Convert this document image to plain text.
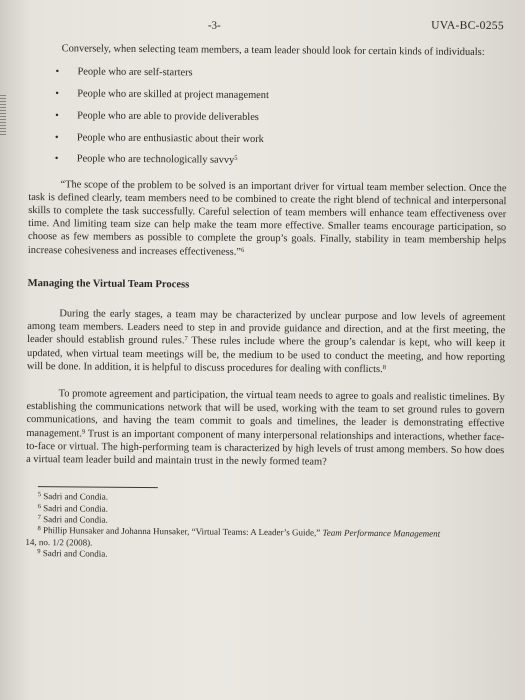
-3-	UVA-BC-0255

Conversely, when selecting team members, a team leader should look for certain kinds of individuals:

• People who are self-starters
• People who are skilled at project management
• People who are able to provide deliverables
• People who are enthusiastic about their work
• People who are technologically savvy$^5$

“The scope of the problem to be solved is an important driver for virtual team member selection. Once the task is defined clearly, team members need to be combined to create the right blend of technical and interpersonal skills to complete the task successfully. Careful selection of team members will enhance team effectiveness over time. And limiting team size can help make the team more effective. Smaller teams encourage participation, so choose as few members as possible to complete the group’s goals. Finally, stability in team membership helps increase cohesiveness and increases effectiveness.”$^6$

Managing the Virtual Team Process

During the early stages, a team may be characterized by unclear purpose and low levels of agreement among team members. Leaders need to step in and provide guidance and direction, and at the first meeting, the leader should establish ground rules.$^7$ These rules include where the group’s calendar is kept, who will keep it updated, when virtual team meetings will be, the medium to be used to conduct the meeting, and how reporting will be done. In addition, it is helpful to discuss procedures for dealing with conflicts.$^8$

To promote agreement and participation, the virtual team needs to agree to goals and realistic timelines. By establishing the communications network that will be used, working with the team to set ground rules to govern communications, and having the team commit to goals and timelines, the leader is demonstrating effective management.$^9$ Trust is an important component of many interpersonal relationships and interactions, whether face-to-face or virtual. The high-performing team is characterized by high levels of trust among members. So how does a virtual team leader build and maintain trust in the newly formed team?

$^5$ Sadri and Condia.
$^6$ Sadri and Condia.
$^7$ Sadri and Condia.
$^8$ Phillip Hunsaker and Johanna Hunsaker, “Virtual Teams: A Leader’s Guide,” Team Performance Management
14, no. 1/2 (2008).
$^9$ Sadri and Condia.
